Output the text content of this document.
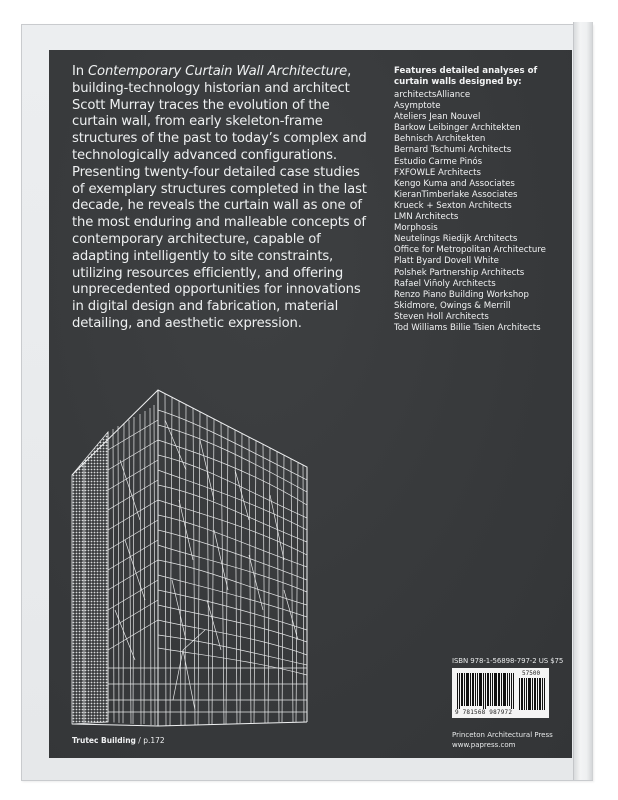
In Contemporary Curtain Wall Architecture, building-technology historian and architect Scott Murray traces the evolution of the curtain wall, from early skeleton-frame structures of the past to today’s complex and technologically advanced configurations. Presenting twenty-four detailed case studies of exemplary structures completed in the last decade, he reveals the curtain wall as one of the most enduring and malleable concepts of contemporary architecture, capable of adapting intelligently to site constraints, utilizing resources efficiently, and offering unprecedented opportunities for innovations in digital design and fabrication, material detailing, and aesthetic expression.
Features detailed analyses of curtain walls designed by:
architectsAlliance
Asymptote
Ateliers Jean Nouvel
Barkow Leibinger Architekten
Behnisch Architekten
Bernard Tschumi Architects
Estudio Carme Pinós
FXFOWLE Architects
Kengo Kuma and Associates
KieranTimberlake Associates
Krueck + Sexton Architects
LMN Architects
Morphosis
Neutelings Riedijk Architects
Office for Metropolitan Architecture
Platt Byard Dovell White
Polshek Partnership Architects
Rafael Viñoly Architects
Renzo Piano Building Workshop
Skidmore, Owings & Merrill
Steven Holl Architects
Tod Williams Billie Tsien Architects
Trutec Building / p.172
ISBN 978-1-56898-797-2 US $75
57500
9 781568 987972
Princeton Architectural Press
www.papress.com
